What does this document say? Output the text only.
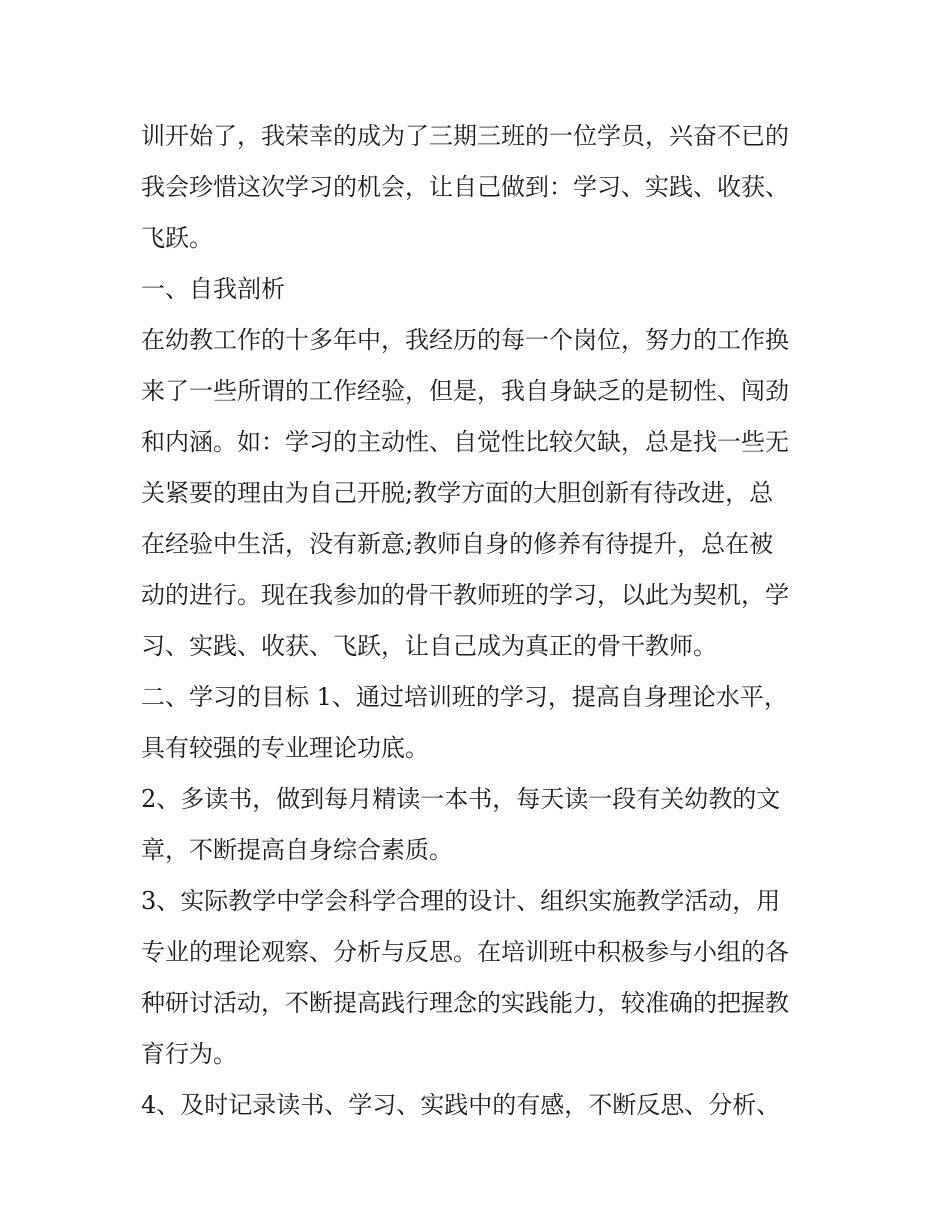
训开始了，我荣幸的成为了三期三班的一位学员，兴奋不已的
我会珍惜这次学习的机会，让自己做到：学习、实践、收获、
飞跃。
一、自我剖析
在幼教工作的十多年中，我经历的每一个岗位，努力的工作换
来了一些所谓的工作经验，但是，我自身缺乏的是韧性、闯劲
和内涵。如：学习的主动性、自觉性比较欠缺，总是找一些无
关紧要的理由为自己开脱;教学方面的大胆创新有待改进，总
在经验中生活，没有新意;教师自身的修养有待提升，总在被
动的进行。现在我参加的骨干教师班的学习，以此为契机，学
习、实践、收获、飞跃，让自己成为真正的骨干教师。
二、学习的目标 1、通过培训班的学习，提高自身理论水平，
具有较强的专业理论功底。
2、多读书，做到每月精读一本书，每天读一段有关幼教的文
章，不断提高自身综合素质。
3、实际教学中学会科学合理的设计、组织实施教学活动，用
专业的理论观察、分析与反思。在培训班中积极参与小组的各
种研讨活动，不断提高践行理念的实践能力，较准确的把握教
育行为。
4、及时记录读书、学习、实践中的有感，不断反思、分析、
